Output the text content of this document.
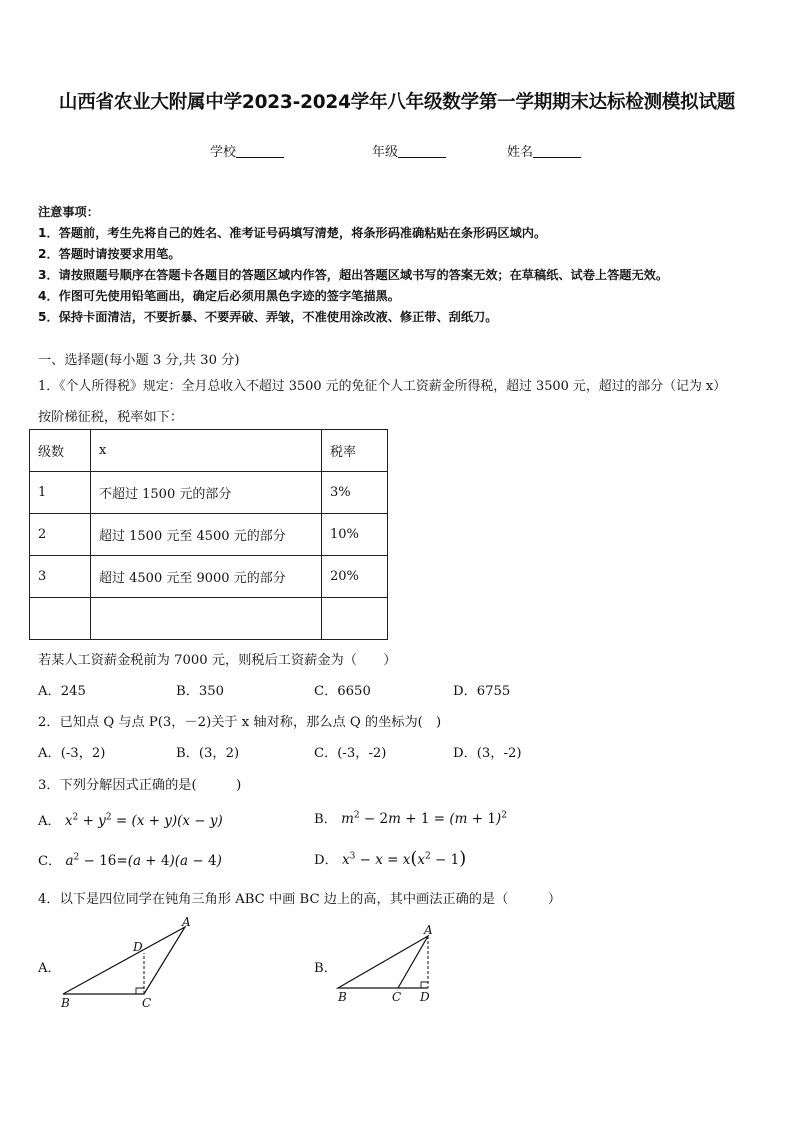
山西省农业大附属中学2023-2024学年八年级数学第一学期期末达标检测模拟试题
学校	年级	姓名
注意事项：
1．答题前，考生先将自己的姓名、准考证号码填写清楚，将条形码准确粘贴在条形码区域内。
2．答题时请按要求用笔。
3．请按照题号顺序在答题卡各题目的答题区域内作答，超出答题区域书写的答案无效；在草稿纸、试卷上答题无效。
4．作图可先使用铅笔画出，确定后必须用黑色字迹的签字笔描黑。
5．保持卡面清洁，不要折暴、不要弄破、弄皱，不准使用涂改液、修正带、刮纸刀。
一、选择题(每小题 3 分,共 30 分)
1．《个人所得税》规定：全月总收入不超过 3500 元的免征个人工资薪金所得税，超过 3500 元，超过的部分（记为 x）
按阶梯征税，税率如下：
级数	x	税率
1	不超过 1500 元的部分	3%
2	超过 1500 元至 4500 元的部分	10%
3	超过 4500 元至 9000 元的部分	20%

若某人工资薪金税前为 7000 元，则税后工资薪金为（　　）
A．245	B．350	C．6650	D．6755
2．已知点 Q 与点 P(3，－2)关于 x 轴对称，那么点 Q 的坐标为(　)
A．(-3，2)	B．(3，2)	C．(-3，-2)	D．(3，-2)
3．下列分解因式正确的是(　　　)
A． $x^2 + y^2 = (x + y)(x - y)$	B． $m^2 - 2m + 1 = (m + 1)^2$
C． $a^2 - 16=(a + 4)(a - 4)$	D． $x^3 - x = x(x^2 - 1)$
4．以下是四位同学在钝角三角形 ABC 中画 BC 边上的高，其中画法正确的是（　　　）
A．	B．
A
B	C
D
A
B	C D
